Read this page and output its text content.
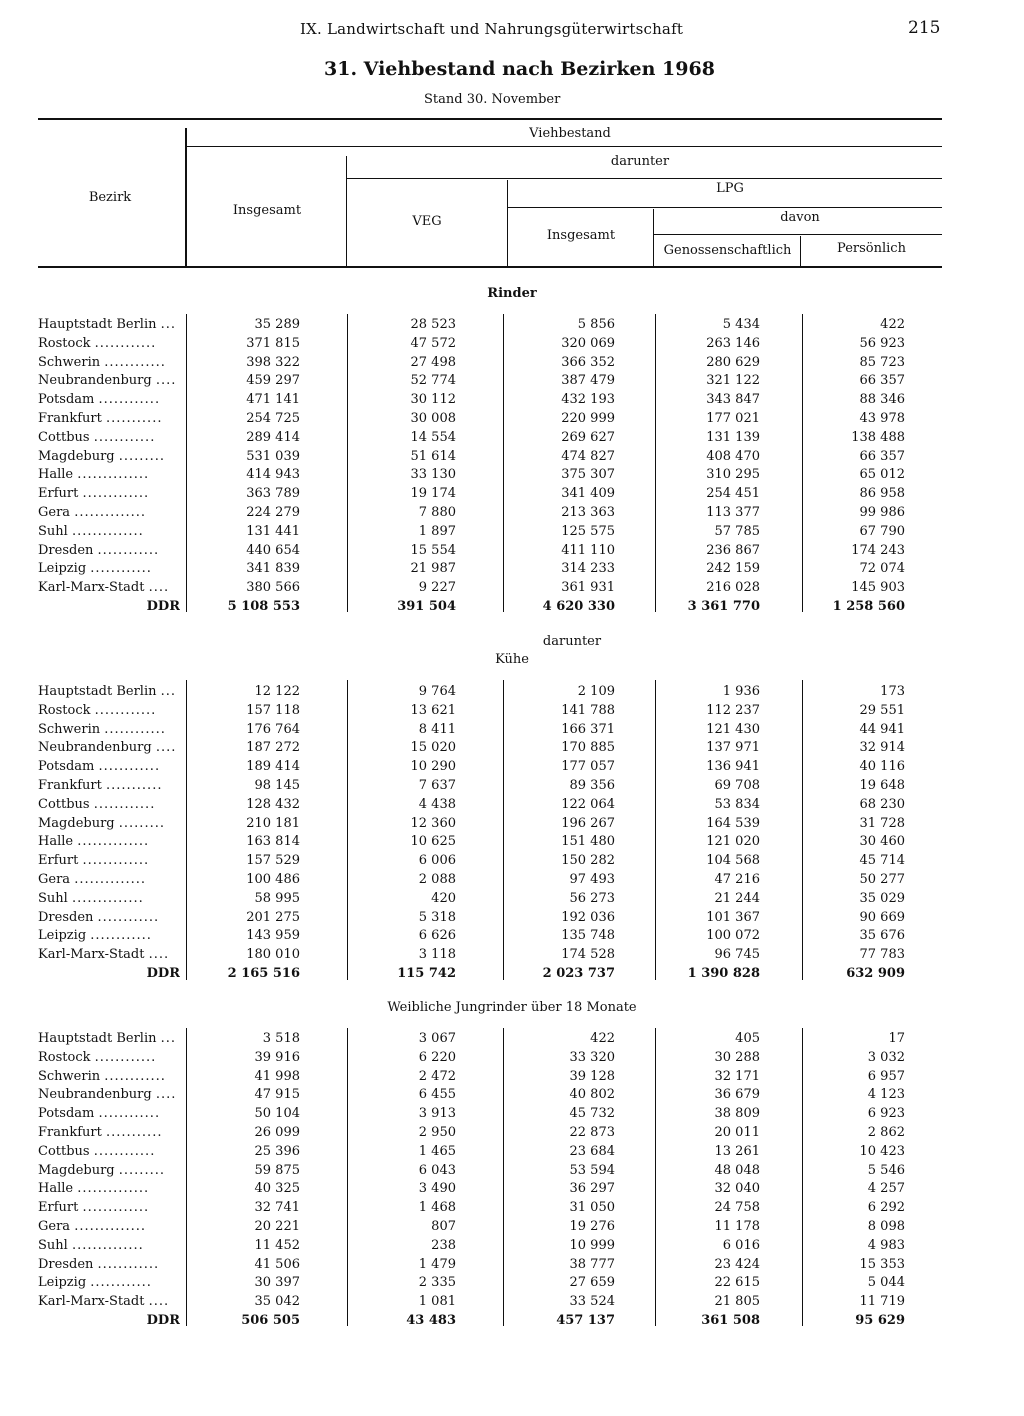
IX. Landwirtschaft und Nahrungsgüterwirtschaft	215
31. Viehbestand nach Bezirken 1968
Stand 30. November
Bezirk
Viehbestand
darunter
Insgesamt
VEG
LPG
Insgesamt
davon
Genossenschaftlich	Persönlich
Rinder
Hauptstadt Berlin ...	35 289	28 523	5 856	5 434	422
Rostock ............	371 815	47 572	320 069	263 146	56 923
Schwerin ............	398 322	27 498	366 352	280 629	85 723
Neubrandenburg ....	459 297	52 774	387 479	321 122	66 357
Potsdam ............	471 141	30 112	432 193	343 847	88 346
Frankfurt ...........	254 725	30 008	220 999	177 021	43 978
Cottbus ............	289 414	14 554	269 627	131 139	138 488
Magdeburg .........	531 039	51 614	474 827	408 470	66 357
Halle ..............	414 943	33 130	375 307	310 295	65 012
Erfurt .............	363 789	19 174	341 409	254 451	86 958
Gera ..............	224 279	7 880	213 363	113 377	99 986
Suhl ..............	131 441	1 897	125 575	57 785	67 790
Dresden ............	440 654	15 554	411 110	236 867	174 243
Leipzig ............	341 839	21 987	314 233	242 159	72 074
Karl-Marx-Stadt ....	380 566	9 227	361 931	216 028	145 903
DDR	5 108 553	391 504	4 620 330	3 361 770	1 258 560
darunter
Kühe
Hauptstadt Berlin ...	12 122	9 764	2 109	1 936	173
Rostock ............	157 118	13 621	141 788	112 237	29 551
Schwerin ............	176 764	8 411	166 371	121 430	44 941
Neubrandenburg ....	187 272	15 020	170 885	137 971	32 914
Potsdam ............	189 414	10 290	177 057	136 941	40 116
Frankfurt ...........	98 145	7 637	89 356	69 708	19 648
Cottbus ............	128 432	4 438	122 064	53 834	68 230
Magdeburg .........	210 181	12 360	196 267	164 539	31 728
Halle ..............	163 814	10 625	151 480	121 020	30 460
Erfurt .............	157 529	6 006	150 282	104 568	45 714
Gera ..............	100 486	2 088	97 493	47 216	50 277
Suhl ..............	58 995	420	56 273	21 244	35 029
Dresden ............	201 275	5 318	192 036	101 367	90 669
Leipzig ............	143 959	6 626	135 748	100 072	35 676
Karl-Marx-Stadt ....	180 010	3 118	174 528	96 745	77 783
DDR	2 165 516	115 742	2 023 737	1 390 828	632 909
Weibliche Jungrinder über 18 Monate
Hauptstadt Berlin ...	3 518	3 067	422	405	17
Rostock ............	39 916	6 220	33 320	30 288	3 032
Schwerin ............	41 998	2 472	39 128	32 171	6 957
Neubrandenburg ....	47 915	6 455	40 802	36 679	4 123
Potsdam ............	50 104	3 913	45 732	38 809	6 923
Frankfurt ...........	26 099	2 950	22 873	20 011	2 862
Cottbus ............	25 396	1 465	23 684	13 261	10 423
Magdeburg .........	59 875	6 043	53 594	48 048	5 546
Halle ..............	40 325	3 490	36 297	32 040	4 257
Erfurt .............	32 741	1 468	31 050	24 758	6 292
Gera ..............	20 221	807	19 276	11 178	8 098
Suhl ..............	11 452	238	10 999	6 016	4 983
Dresden ............	41 506	1 479	38 777	23 424	15 353
Leipzig ............	30 397	2 335	27 659	22 615	5 044
Karl-Marx-Stadt ....	35 042	1 081	33 524	21 805	11 719
DDR	506 505	43 483	457 137	361 508	95 629
